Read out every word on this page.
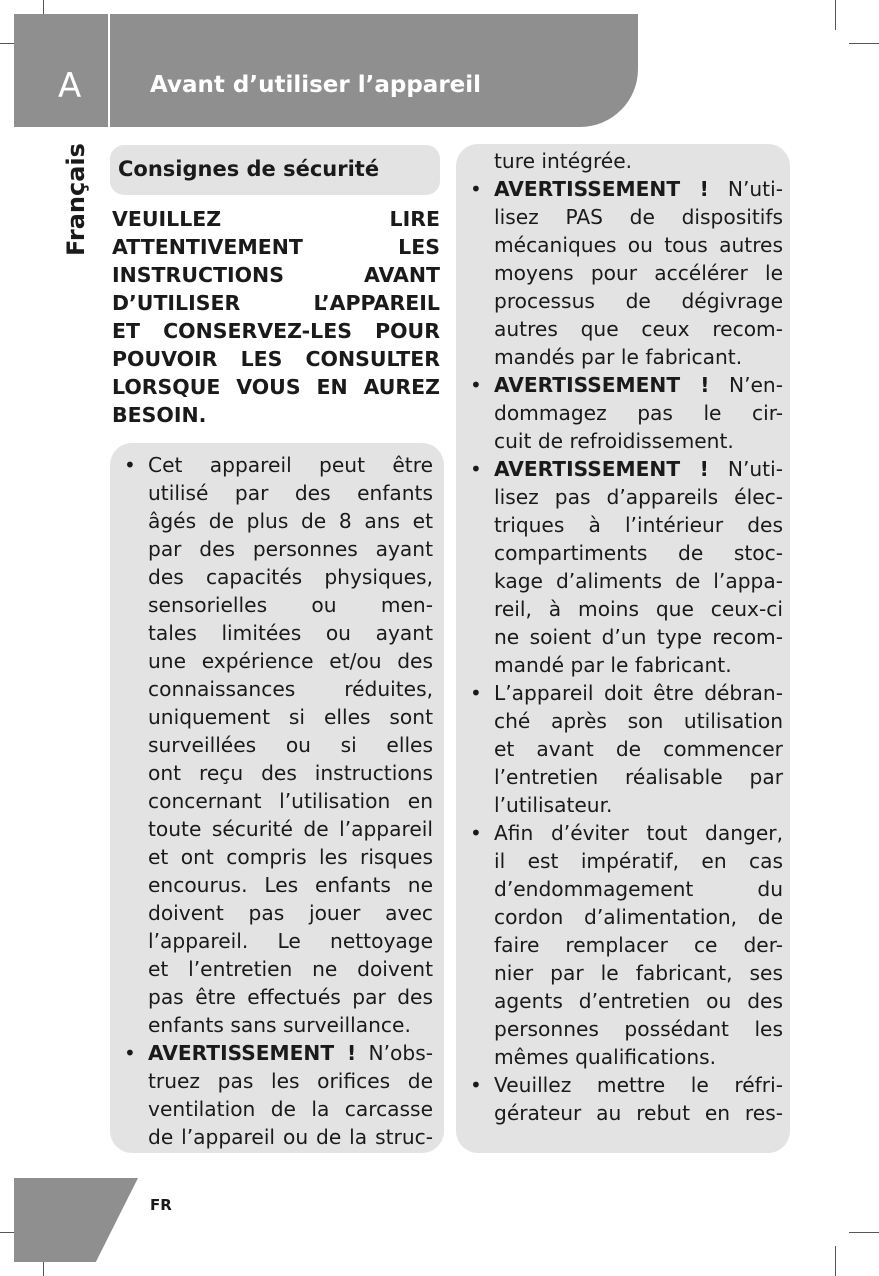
A	Avant d’utiliser l’appareil
Français Consignes de sécurité
VEUILLEZ LIRE
ATTENTIVEMENT LES
INSTRUCTIONS AVANT
D’UTILISER L’APPAREIL
ET CONSERVEZ-LES POUR
POUVOIR LES CONSULTER
LORSQUE VOUS EN AUREZ
BESOIN.
• Cet appareil peut être
utilisé par des enfants
âgés de plus de 8 ans et
par des personnes ayant
des capacités physiques,
sensorielles ou men-
tales limitées ou ayant
une expérience et/ou des
connaissances réduites,
uniquement si elles sont
surveillées ou si elles
ont reçu des instructions
concernant l’utilisation en
toute sécurité de l’appareil
et ont compris les risques
encourus. Les enfants ne
doivent pas jouer avec
l’appareil. Le nettoyage
et l’entretien ne doivent
pas être effectués par des
enfants sans surveillance.
• AVERTISSEMENT ! N’obs-
truez pas les orifices de
ventilation de la carcasse
de l’appareil ou de la struc-
ture intégrée.
• AVERTISSEMENT ! N’uti-
lisez PAS de dispositifs
mécaniques ou tous autres
moyens pour accélérer le
processus de dégivrage
autres que ceux recom-
mandés par le fabricant.
• AVERTISSEMENT ! N’en-
dommagez pas le cir-
cuit de refroidissement.
• AVERTISSEMENT ! N’uti-
lisez pas d’appareils élec-
triques à l’intérieur des
compartiments de stoc-
kage d’aliments de l’appa-
reil, à moins que ceux-ci
ne soient d’un type recom-
mandé par le fabricant.
• L’appareil doit être débran-
ché après son utilisation
et avant de commencer
l’entretien réalisable par
l’utilisateur.
• Afin d’éviter tout danger,
il est impératif, en cas
d’endommagement du
cordon d’alimentation, de
faire remplacer ce der-
nier par le fabricant, ses
agents d’entretien ou des
personnes possédant les
mêmes qualifications.
• Veuillez mettre le réfri-
gérateur au rebut en res-
FR
